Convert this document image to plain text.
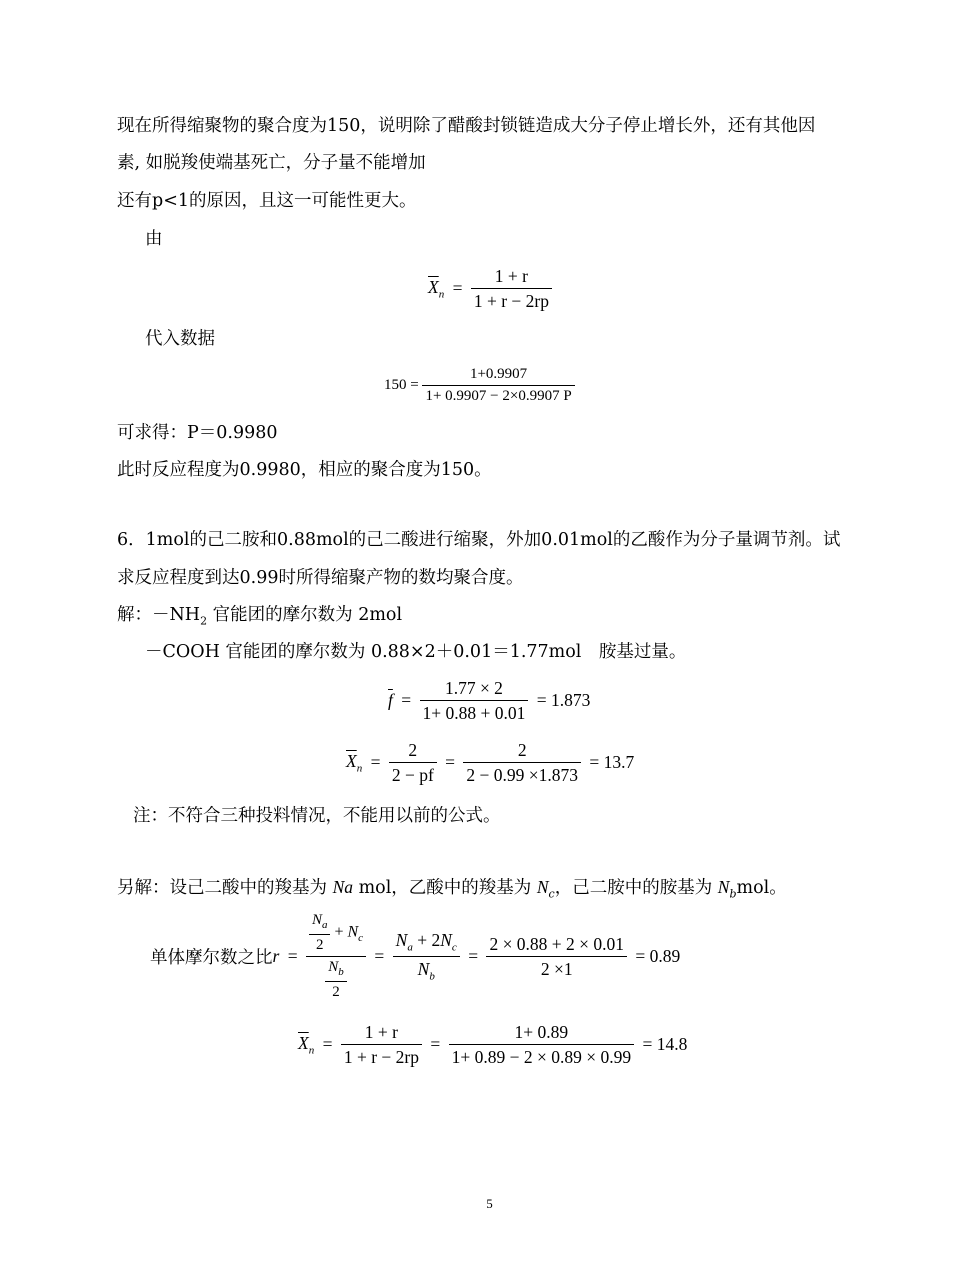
现在所得缩聚物的聚合度为150，说明除了醋酸封锁链造成大分子停止增长外，还有其他因
素, 如脱羧使端基死亡，分子量不能增加
还有p<1的原因，且这一可能性更大。
由
$\overline{X}_n = \frac{1 + r}{1 + r - 2rp}$
代入数据
$150 = \frac{1+0.9907}{1+ 0.9907 - 2\times 0.9907 P}$
可求得：P＝0.9980
此时反应程度为0.9980，相应的聚合度为150。
6．1mol的己二胺和0.88mol的己二酸进行缩聚，外加0.01mol的乙酸作为分子量调节剂。试
求反应程度到达0.99时所得缩聚产物的数均聚合度。
解：$-NH_2$ 官能团的摩尔数为 2mol
－COOH 官能团的摩尔数为 0.88×2＋0.01＝1.77mol　胺基过量。
$\overline{f} = \frac{1.77 \times 2}{1+ 0.88 + 0.01} = 1.873$
$\overline{X}_n = \frac{2}{2 - pf} = \frac{2}{2 - 0.99 \times 1.873} = 13.7$
注：不符合三种投料情况，不能用以前的公式。
另解：设己二酸中的羧基为 Na mol，乙酸中的羧基为 $N_c$，己二胺中的胺基为 $N_bmol$。
单体摩尔数之比$r = \frac{\frac{N_a}{2} + N_c}{\frac{N_b}{2}} = \frac{N_a + 2N_c}{N_b} = \frac{2 \times 0.88 + 2 \times 0.01}{2 \times 1} = 0.89$
$\overline{X}_n = \frac{1 + r}{1 + r - 2rp} = \frac{1+ 0.89}{1+ 0.89 - 2 \times 0.89 \times 0.99} = 14.8$
5
